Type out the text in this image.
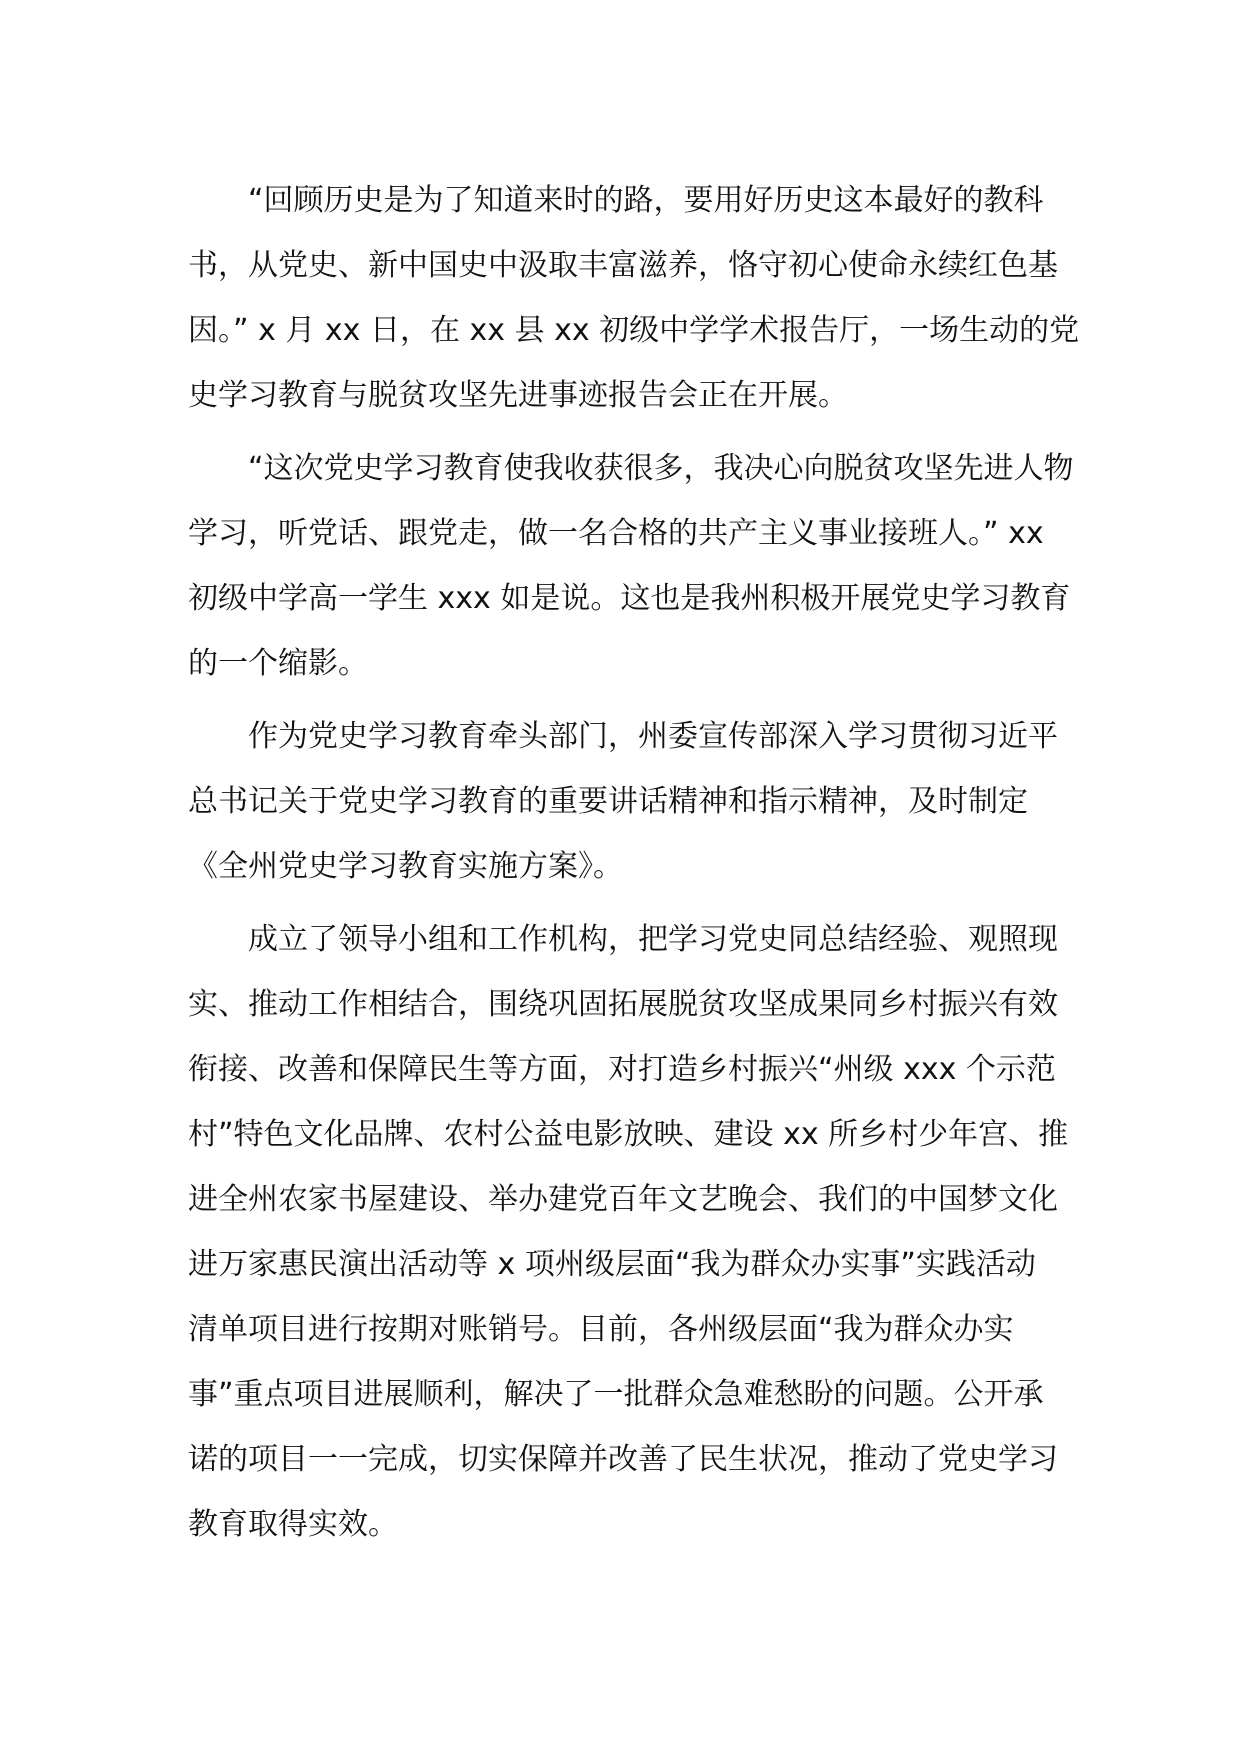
“回顾历史是为了知道来时的路，要用好历史这本最好的教科
书，从党史、新中国史中汲取丰富滋养，恪守初心使命永续红色基
因。” x 月 xx 日，在 xx 县 xx 初级中学学术报告厅，一场生动的党
史学习教育与脱贫攻坚先进事迹报告会正在开展。
“这次党史学习教育使我收获很多，我决心向脱贫攻坚先进人物
学习，听党话、跟党走，做一名合格的共产主义事业接班人。” xx
初级中学高一学生 xxx 如是说。这也是我州积极开展党史学习教育
的一个缩影。
作为党史学习教育牵头部门，州委宣传部深入学习贯彻习近平
总书记关于党史学习教育的重要讲话精神和指示精神，及时制定
《全州党史学习教育实施方案》。
成立了领导小组和工作机构，把学习党史同总结经验、观照现
实、推动工作相结合，围绕巩固拓展脱贫攻坚成果同乡村振兴有效
衔接、改善和保障民生等方面，对打造乡村振兴“州级 xxx 个示范
村”特色文化品牌、农村公益电影放映、建设 xx 所乡村少年宫、推
进全州农家书屋建设、举办建党百年文艺晚会、我们的中国梦文化
进万家惠民演出活动等 x 项州级层面“我为群众办实事”实践活动
清单项目进行按期对账销号。目前，各州级层面“我为群众办实
事”重点项目进展顺利，解决了一批群众急难愁盼的问题。公开承
诺的项目一一完成，切实保障并改善了民生状况，推动了党史学习
教育取得实效。
